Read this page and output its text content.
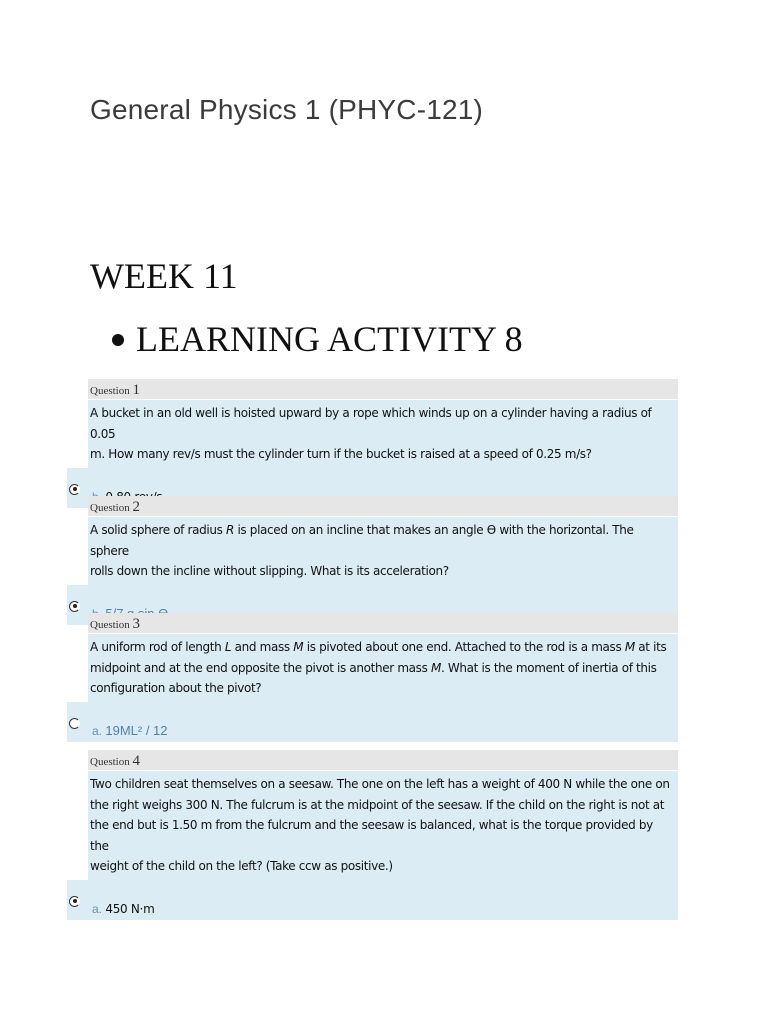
General Physics 1 (PHYC-121)
WEEK 11
LEARNING ACTIVITY 8
Question 1
A bucket in an old well is hoisted upward by a rope which winds up on a cylinder having a radius of 0.05
m. How many rev/s must the cylinder turn if the bucket is raised at a speed of 0.25 m/s?
Question 2
A solid sphere of radius R is placed on an incline that makes an angle Ɵ with the horizontal. The sphere
rolls down the incline without slipping. What is its acceleration?
Question 3
A uniform rod of length L and mass M is pivoted about one end. Attached to the rod is a mass M at its
midpoint and at the end opposite the pivot is another mass M. What is the moment of inertia of this
configuration about the pivot?
a. 19ML² / 12
Question 4
Two children seat themselves on a seesaw. The one on the left has a weight of 400 N while the one on
the right weighs 300 N. The fulcrum is at the midpoint of the seesaw. If the child on the right is not at
the end but is 1.50 m from the fulcrum and the seesaw is balanced, what is the torque provided by the
weight of the child on the left? (Take ccw as positive.)
a. 450 N·m
